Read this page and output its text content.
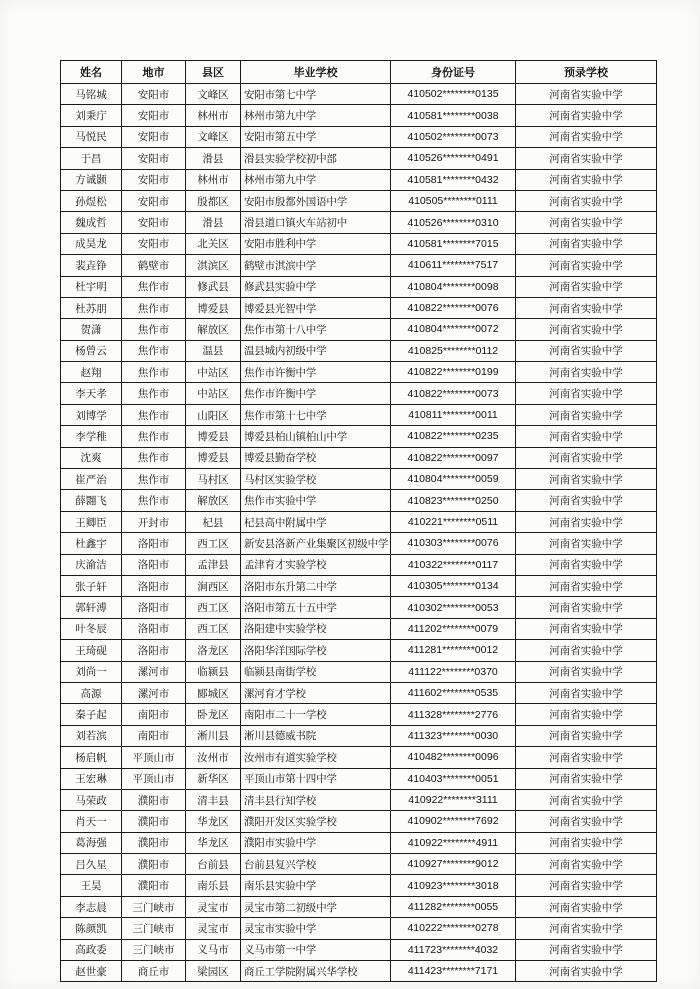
姓名	地市	县区	毕业学校	身份证号	预录学校
马铭城	安阳市	文峰区	安阳市第七中学	410502********0135	河南省实验中学
刘秉庁	安阳市	林州市	林州市第九中学	410581********0038	河南省实验中学
马悦民	安阳市	文峰区	安阳市第五中学	410502********0073	河南省实验中学
于昌	安阳市	滑县	滑县实验学校初中部	410526********0491	河南省实验中学
方诚颢	安阳市	林州市	林州市第九中学	410581********0432	河南省实验中学
孙煜松	安阳市	殷都区	安阳市殷都外国语中学	410505********0111	河南省实验中学
魏成哲	安阳市	滑县	滑县道口镇火车站初中	410526********0310	河南省实验中学
成昊龙	安阳市	北关区	安阳市胜利中学	410581********7015	河南省实验中学
裴垚铮	鹤壁市	淇滨区	鹤壁市淇滨中学	410611********7517	河南省实验中学
杜宇明	焦作市	修武县	修武县实验中学	410804********0098	河南省实验中学
杜苏朋	焦作市	博爱县	博爱县光智中学	410822********0076	河南省实验中学
贺潇	焦作市	解放区	焦作市第十八中学	410804********0072	河南省实验中学
杨曾云	焦作市	温县	温县城内初级中学	410825********0112	河南省实验中学
赵翔	焦作市	中站区	焦作市许衡中学	410822********0199	河南省实验中学
李天孝	焦作市	中站区	焦作市许衡中学	410822********0073	河南省实验中学
刘博学	焦作市	山阳区	焦作市第十七中学	410811********0011	河南省实验中学
李学稚	焦作市	博爱县	博爱县柏山镇柏山中学	410822********0235	河南省实验中学
沈爽	焦作市	博爱县	博爱县勤奋学校	410822********0097	河南省实验中学
崔严治	焦作市	马村区	马村区实验学校	410804********0059	河南省实验中学
薛翾飞	焦作市	解放区	焦作市实验中学	410823********0250	河南省实验中学
王卿臣	开封市	杞县	杞县高中附属中学	410221********0511	河南省实验中学
杜鑫宇	洛阳市	西工区	新安县洛新产业集聚区初级中学	410303********0076	河南省实验中学
庆渝洁	洛阳市	孟津县	孟津育才实验学校	410322********0117	河南省实验中学
张子轩	洛阳市	涧西区	洛阳市东升第二中学	410305********0134	河南省实验中学
郭轩溥	洛阳市	西工区	洛阳市第五十五中学	410302********0053	河南省实验中学
叶冬辰	洛阳市	西工区	洛阳建中实验学校	411202********0079	河南省实验中学
王琦砚	洛阳市	洛龙区	洛阳华洋国际学校	411281********0012	河南省实验中学
刘尚一	漯河市	临颍县	临颍县南街学校	411122********0370	河南省实验中学
高源	漯河市	郾城区	漯河育才学校	411602********0535	河南省实验中学
秦子起	南阳市	卧龙区	南阳市二十一学校	411328********2776	河南省实验中学
刘若滨	南阳市	淅川县	淅川县德威书院	411323********0030	河南省实验中学
杨启帆	平顶山市	汝州市	汝州市有道实验学校	410482********0096	河南省实验中学
王宏琳	平顶山市	新华区	平顶山市第十四中学	410403********0051	河南省实验中学
马荣政	濮阳市	清丰县	清丰县行知学校	410922********3111	河南省实验中学
肖天一	濮阳市	华龙区	濮阳开发区实验学校	410902********7692	河南省实验中学
葛海强	濮阳市	华龙区	濮阳市实验中学	410922********4911	河南省实验中学
吕久星	濮阳市	台前县	台前县复兴学校	410927********9012	河南省实验中学
王昊	濮阳市	南乐县	南乐县实验中学	410923********3018	河南省实验中学
李志晨	三门峡市	灵宝市	灵宝市第二初级中学	411282********0055	河南省实验中学
陈颜凯	三门峡市	灵宝市	灵宝市实验中学	410222********0278	河南省实验中学
高政委	三门峡市	义马市	义马市第一中学	411723********4032	河南省实验中学
赵世豪	商丘市	梁园区	商丘工学院附属兴华学校	411423********7171	河南省实验中学
